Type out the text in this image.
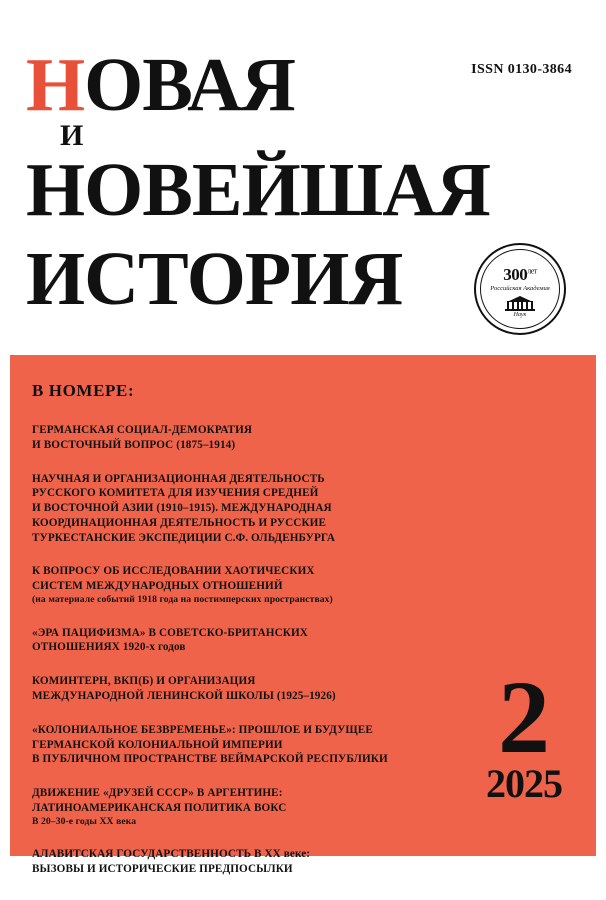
ISSN 0130-3864
НОВАЯ
И
НОВЕЙШАЯ
ИСТОРИЯ	$300^{лет}$
Российская Академия
Наук
В НОМЕРЕ:
ГЕРМАНСКАЯ СОЦИАЛ-ДЕМОКРАТИЯ
И ВОСТОЧНЫЙ ВОПРОС (1875–1914)
НАУЧНАЯ И ОРГАНИЗАЦИОННАЯ ДЕЯТЕЛЬНОСТЬ
РУССКОГО КОМИТЕТА ДЛЯ ИЗУЧЕНИЯ СРЕДНЕЙ
И ВОСТОЧНОЙ АЗИИ (1910–1915). МЕЖДУНАРОДНАЯ
КООРДИНАЦИОННАЯ ДЕЯТЕЛЬНОСТЬ И РУССКИЕ
ТУРКЕСТАНСКИЕ ЭКСПЕДИЦИИ С.Ф. ОЛЬДЕНБУРГА
К ВОПРОСУ ОБ ИССЛЕДОВАНИИ ХАОТИЧЕСКИХ
СИСТЕМ МЕЖДУНАРОДНЫХ ОТНОШЕНИЙ
(на материале событий 1918 года на постимперских пространствах)
«ЭРА ПАЦИФИЗМА» В СОВЕТСКО-БРИТАНСКИХ
ОТНОШЕНИЯХ 1920-х годов
КОМИНТЕРН, ВКП(Б) И ОРГАНИЗАЦИЯ
МЕЖДУНАРОДНОЙ ЛЕНИНСКОЙ ШКОЛЫ (1925–1926)
«КОЛОНИАЛЬНОЕ БЕЗВРЕМЕНЬЕ»: ПРОШЛОЕ И БУДУЩЕЕ
ГЕРМАНСКОЙ КОЛОНИАЛЬНОЙ ИМПЕРИИ
В ПУБЛИЧНОМ ПРОСТРАНСТВЕ ВЕЙМАРСКОЙ РЕСПУБЛИКИ
ДВИЖЕНИЕ «ДРУЗЕЙ СССР» В АРГЕНТИНЕ:
ЛАТИНОАМЕРИКАНСКАЯ ПОЛИТИКА ВОКС
В 20–30-е годы XX века
АЛАВИТСКАЯ ГОСУДАРСТВЕННОСТЬ В XX веке:
ВЫЗОВЫ И ИСТОРИЧЕСКИЕ ПРЕДПОСЫЛКИ
2
2025
